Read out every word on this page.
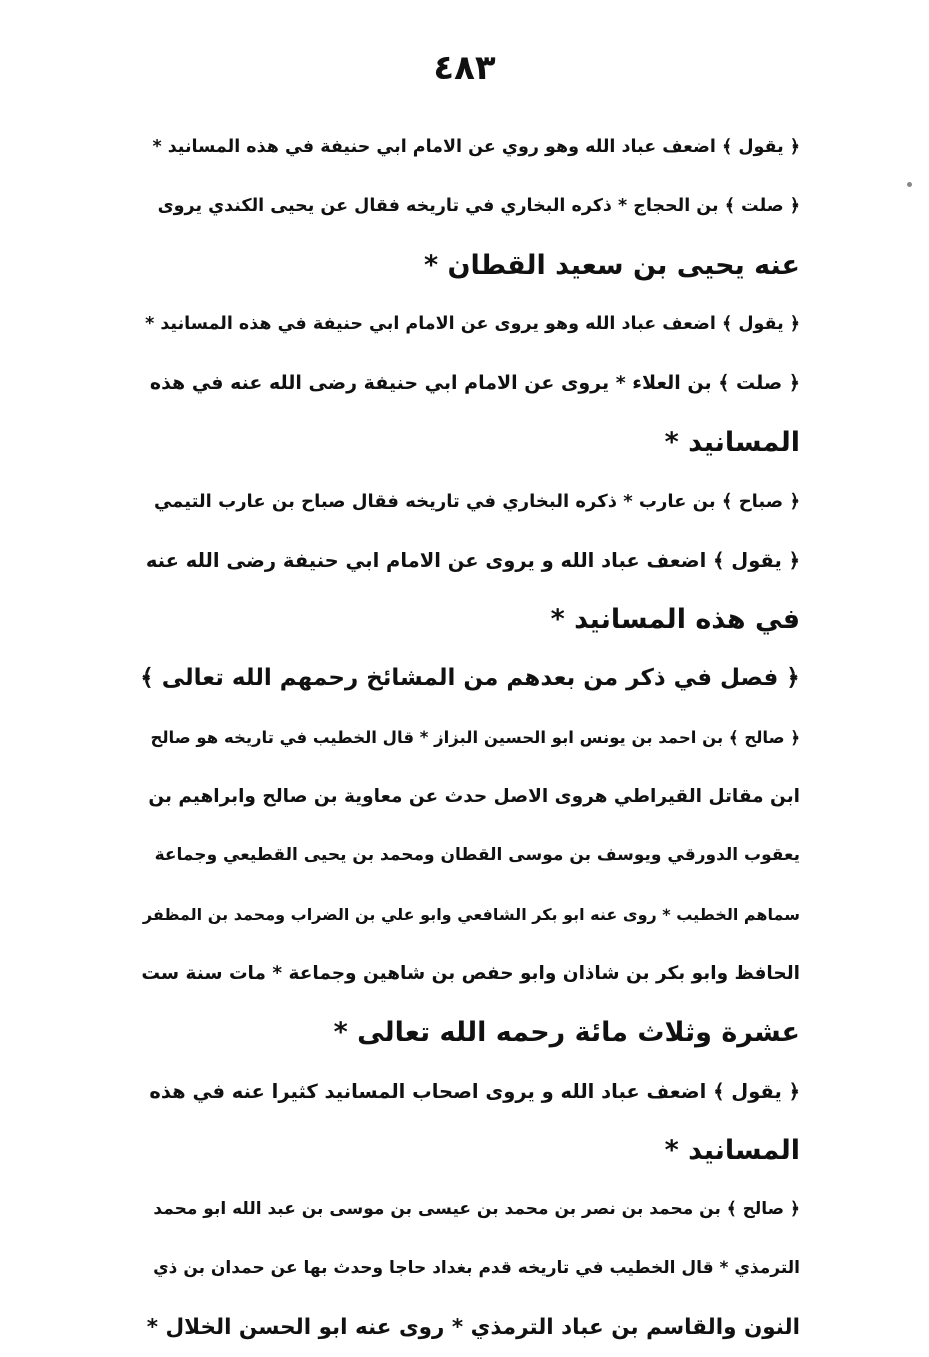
٤٨٣
﴿ يقول ﴾ اضعف عباد الله وهو روي عن الامام ابي حنيفة في هذه المسانيد *
﴿ صلت ﴾ بن الحجاج * ذكره البخاري في تاريخه فقال عن يحيى الكندي يروى
عنه يحيى بن سعيد القطان *
﴿ يقول ﴾ اضعف عباد الله وهو يروى عن الامام ابي حنيفة في هذه المسانيد *
﴿ صلت ﴾ بن العلاء * يروى عن الامام ابي حنيفة رضى الله عنه في هذه
المسانيد *
﴿ صباح ﴾ بن عارب * ذكره البخاري في تاريخه فقال صباح بن عارب التيمي
﴿ يقول ﴾ اضعف عباد الله و يروى عن الامام ابي حنيفة رضى الله عنه
في هذه المسانيد *
﴿ فصل في ذكر من بعدهم من المشائخ رحمهم الله تعالى ﴾
﴿ صالح ﴾ بن احمد بن يونس ابو الحسين البزاز * قال الخطيب في تاريخه هو صالح
ابن مقاتل القيراطي هروى الاصل حدث عن معاوية بن صالح وابراهيم بن
يعقوب الدورقي ويوسف بن موسى القطان ومحمد بن يحيى القطيعي وجماعة
سماهم الخطيب * روى عنه ابو بكر الشافعي وابو علي بن الضراب ومحمد بن المظفر
الحافظ وابو بكر بن شاذان وابو حفص بن شاهين وجماعة * مات سنة ست
عشرة وثلاث مائة رحمه الله تعالى *
﴿ يقول ﴾ اضعف عباد الله و يروى اصحاب المسانيد كثيرا عنه في هذه
المسانيد *
﴿ صالح ﴾ بن محمد بن نصر بن محمد بن عيسى بن موسى بن عبد الله ابو محمد
الترمذي * قال الخطيب في تاريخه قدم بغداد حاجا وحدث بها عن حمدان بن ذي
النون والقاسم بن عباد الترمذي * روى عنه ابو الحسن الخلال *
